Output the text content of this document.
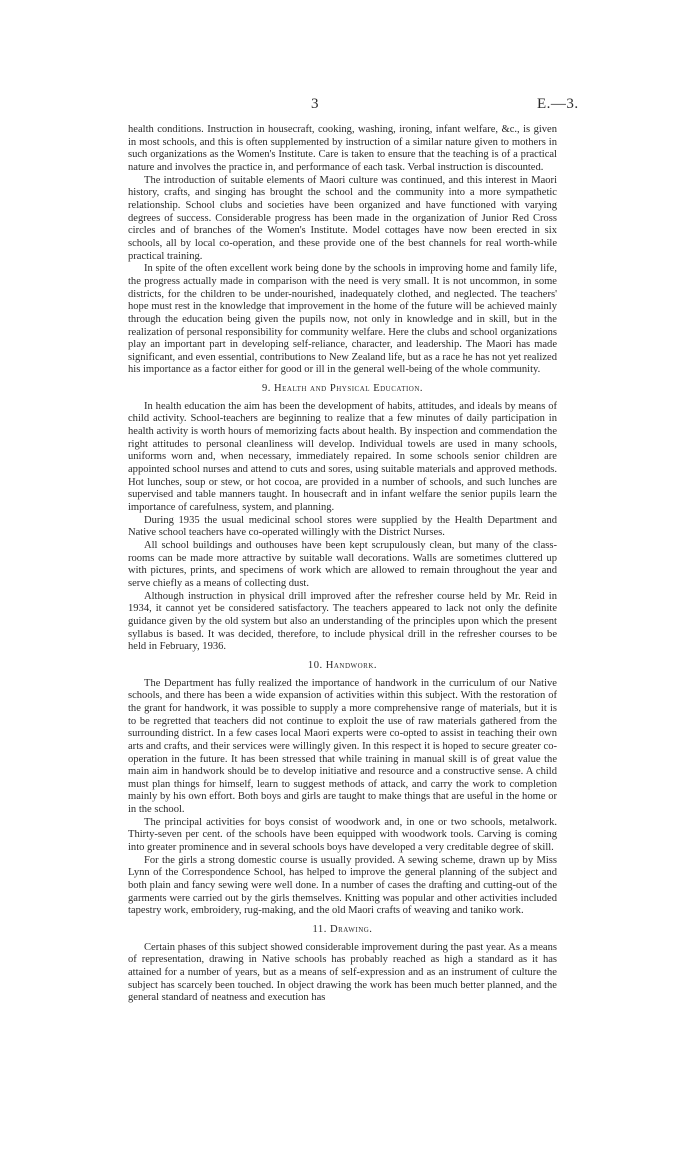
3	E.—3.

health conditions. Instruction in housecraft, cooking, washing, ironing, infant welfare, &c., is given in most schools, and this is often supplemented by instruction of a similar nature given to mothers in such organizations as the Women's Institute. Care is taken to ensure that the teaching is of a practical nature and involves the practice in, and performance of each task. Verbal instruction is discounted.

The introduction of suitable elements of Maori culture was continued, and this interest in Maori history, crafts, and singing has brought the school and the community into a more sympathetic relationship. School clubs and societies have been organized and have functioned with varying degrees of success. Considerable progress has been made in the organization of Junior Red Cross circles and of branches of the Women's Institute. Model cottages have now been erected in six schools, all by local co-operation, and these provide one of the best channels for real worth-while practical training.

In spite of the often excellent work being done by the schools in improving home and family life, the progress actually made in comparison with the need is very small. It is not uncommon, in some districts, for the children to be under-nourished, inadequately clothed, and neglected. The teachers' hope must rest in the knowledge that improvement in the home of the future will be achieved mainly through the education being given the pupils now, not only in knowledge and in skill, but in the realization of personal responsibility for community welfare. Here the clubs and school organizations play an important part in developing self-reliance, character, and leadership. The Maori has made significant, and even essential, contributions to New Zealand life, but as a race he has not yet realized his importance as a factor either for good or ill in the general well-being of the whole community.

9. Health and Physical Education.

In health education the aim has been the development of habits, attitudes, and ideals by means of child activity. School-teachers are beginning to realize that a few minutes of daily participation in health activity is worth hours of memorizing facts about health. By inspection and commendation the right attitudes to personal cleanliness will develop. Individual towels are used in many schools, uniforms worn and, when necessary, immediately repaired. In some schools senior children are appointed school nurses and attend to cuts and sores, using suitable materials and approved methods. Hot lunches, soup or stew, or hot cocoa, are provided in a number of schools, and such lunches are supervised and table manners taught. In housecraft and in infant welfare the senior pupils learn the importance of carefulness, system, and planning.

During 1935 the usual medicinal school stores were supplied by the Health Department and Native school teachers have co-operated willingly with the District Nurses.

All school buildings and outhouses have been kept scrupulously clean, but many of the class-rooms can be made more attractive by suitable wall decorations. Walls are sometimes cluttered up with pictures, prints, and specimens of work which are allowed to remain throughout the year and serve chiefly as a means of collecting dust.

Although instruction in physical drill improved after the refresher course held by Mr. Reid in 1934, it cannot yet be considered satisfactory. The teachers appeared to lack not only the definite guidance given by the old system but also an understanding of the principles upon which the present syllabus is based. It was decided, therefore, to include physical drill in the refresher courses to be held in February, 1936.

10. Handwork.

The Department has fully realized the importance of handwork in the curriculum of our Native schools, and there has been a wide expansion of activities within this subject. With the restoration of the grant for handwork, it was possible to supply a more comprehensive range of materials, but it is to be regretted that teachers did not continue to exploit the use of raw materials gathered from the surrounding district. In a few cases local Maori experts were co-opted to assist in teaching their own arts and crafts, and their services were willingly given. In this respect it is hoped to secure greater co-operation in the future. It has been stressed that while training in manual skill is of great value the main aim in handwork should be to develop initiative and resource and a constructive sense. A child must plan things for himself, learn to suggest methods of attack, and carry the work to completion mainly by his own effort. Both boys and girls are taught to make things that are useful in the home or in the school.

The principal activities for boys consist of woodwork and, in one or two schools, metalwork. Thirty-seven per cent. of the schools have been equipped with woodwork tools. Carving is coming into greater prominence and in several schools boys have developed a very creditable degree of skill.

For the girls a strong domestic course is usually provided. A sewing scheme, drawn up by Miss Lynn of the Correspondence School, has helped to improve the general planning of the subject and both plain and fancy sewing were well done. In a number of cases the drafting and cutting-out of the garments were carried out by the girls themselves. Knitting was popular and other activities included tapestry work, embroidery, rug-making, and the old Maori crafts of weaving and taniko work.

11. Drawing.

Certain phases of this subject showed considerable improvement during the past year. As a means of representation, drawing in Native schools has probably reached as high a standard as it has attained for a number of years, but as a means of self-expression and as an instrument of culture the subject has scarcely been touched. In object drawing the work has been much better planned, and the general standard of neatness and execution has
